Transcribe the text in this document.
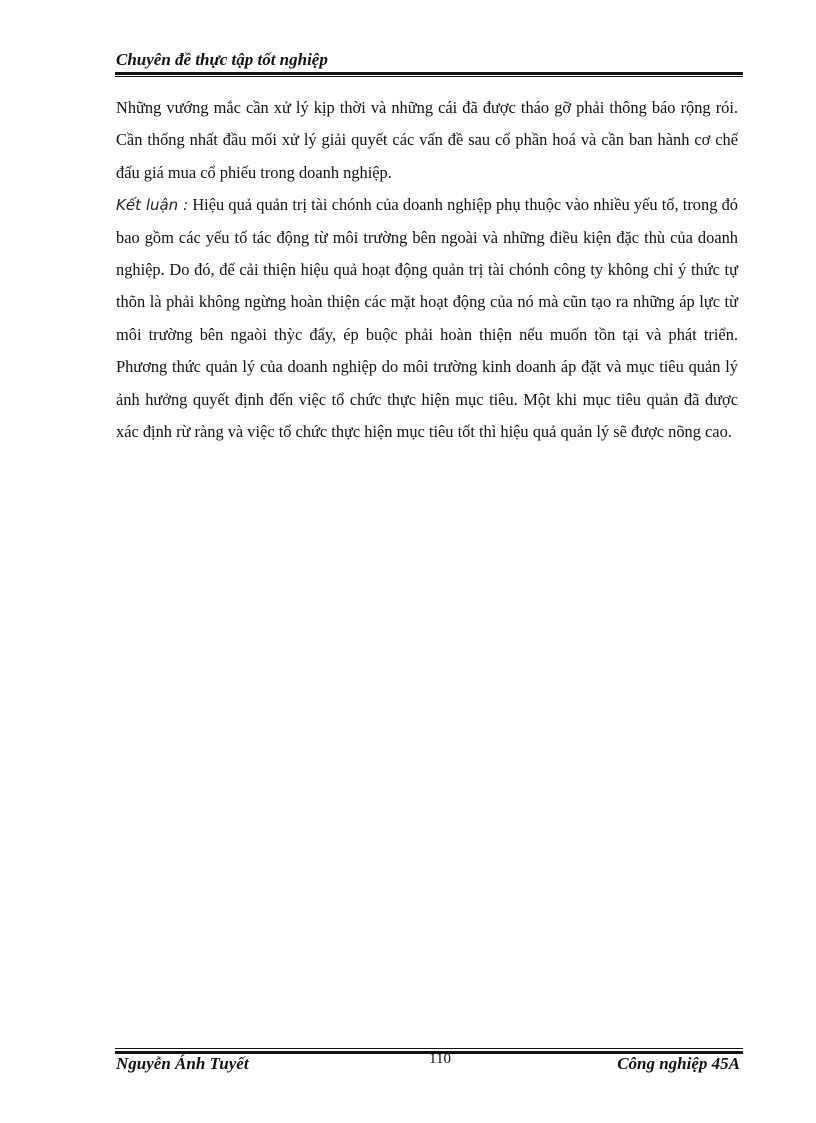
Chuyên đề thực tập tốt nghiệp

Những vướng mắc cần xử lý kịp thời và những cái đã được tháo gỡ phải thông báo rộng rói. Cần thống nhất đầu mối xử lý giải quyết các vấn đề sau cổ phần hoá và cần ban hành cơ chế đấu giá mua cổ phiếu trong doanh nghiệp.

Kết luận : Hiệu quả quản trị tài chónh của doanh nghiệp phụ thuộc vào nhiều yếu tố, trong đó bao gồm các yếu tố tác động từ môi trường bên ngoài và những điều kiện đặc thù của doanh nghiệp. Do đó, để cải thiện hiệu quả hoạt động quản trị tài chónh công ty không chỉ ý thức tự thõn là phải không ngừng hoàn thiện các mặt hoạt động của nó mà cũn tạo ra những áp lực từ môi trường bên ngaòi thỳc đẩy, ép buộc phải hoàn thiện nếu muốn tồn tại và phát triển. Phương thức quản lý của doanh nghiệp do môi trường kinh doanh áp đặt và mục tiêu quản lý ảnh hưởng quyết định đến việc tổ chức thực hiện mục tiêu. Một khi mục tiêu quản đã được xác định rừ ràng và việc tổ chức thực hiện mục tiêu tốt thì hiệu quả quản lý sẽ được nõng cao.

Nguyễn Ánh Tuyết	110	Công nghiệp 45A
